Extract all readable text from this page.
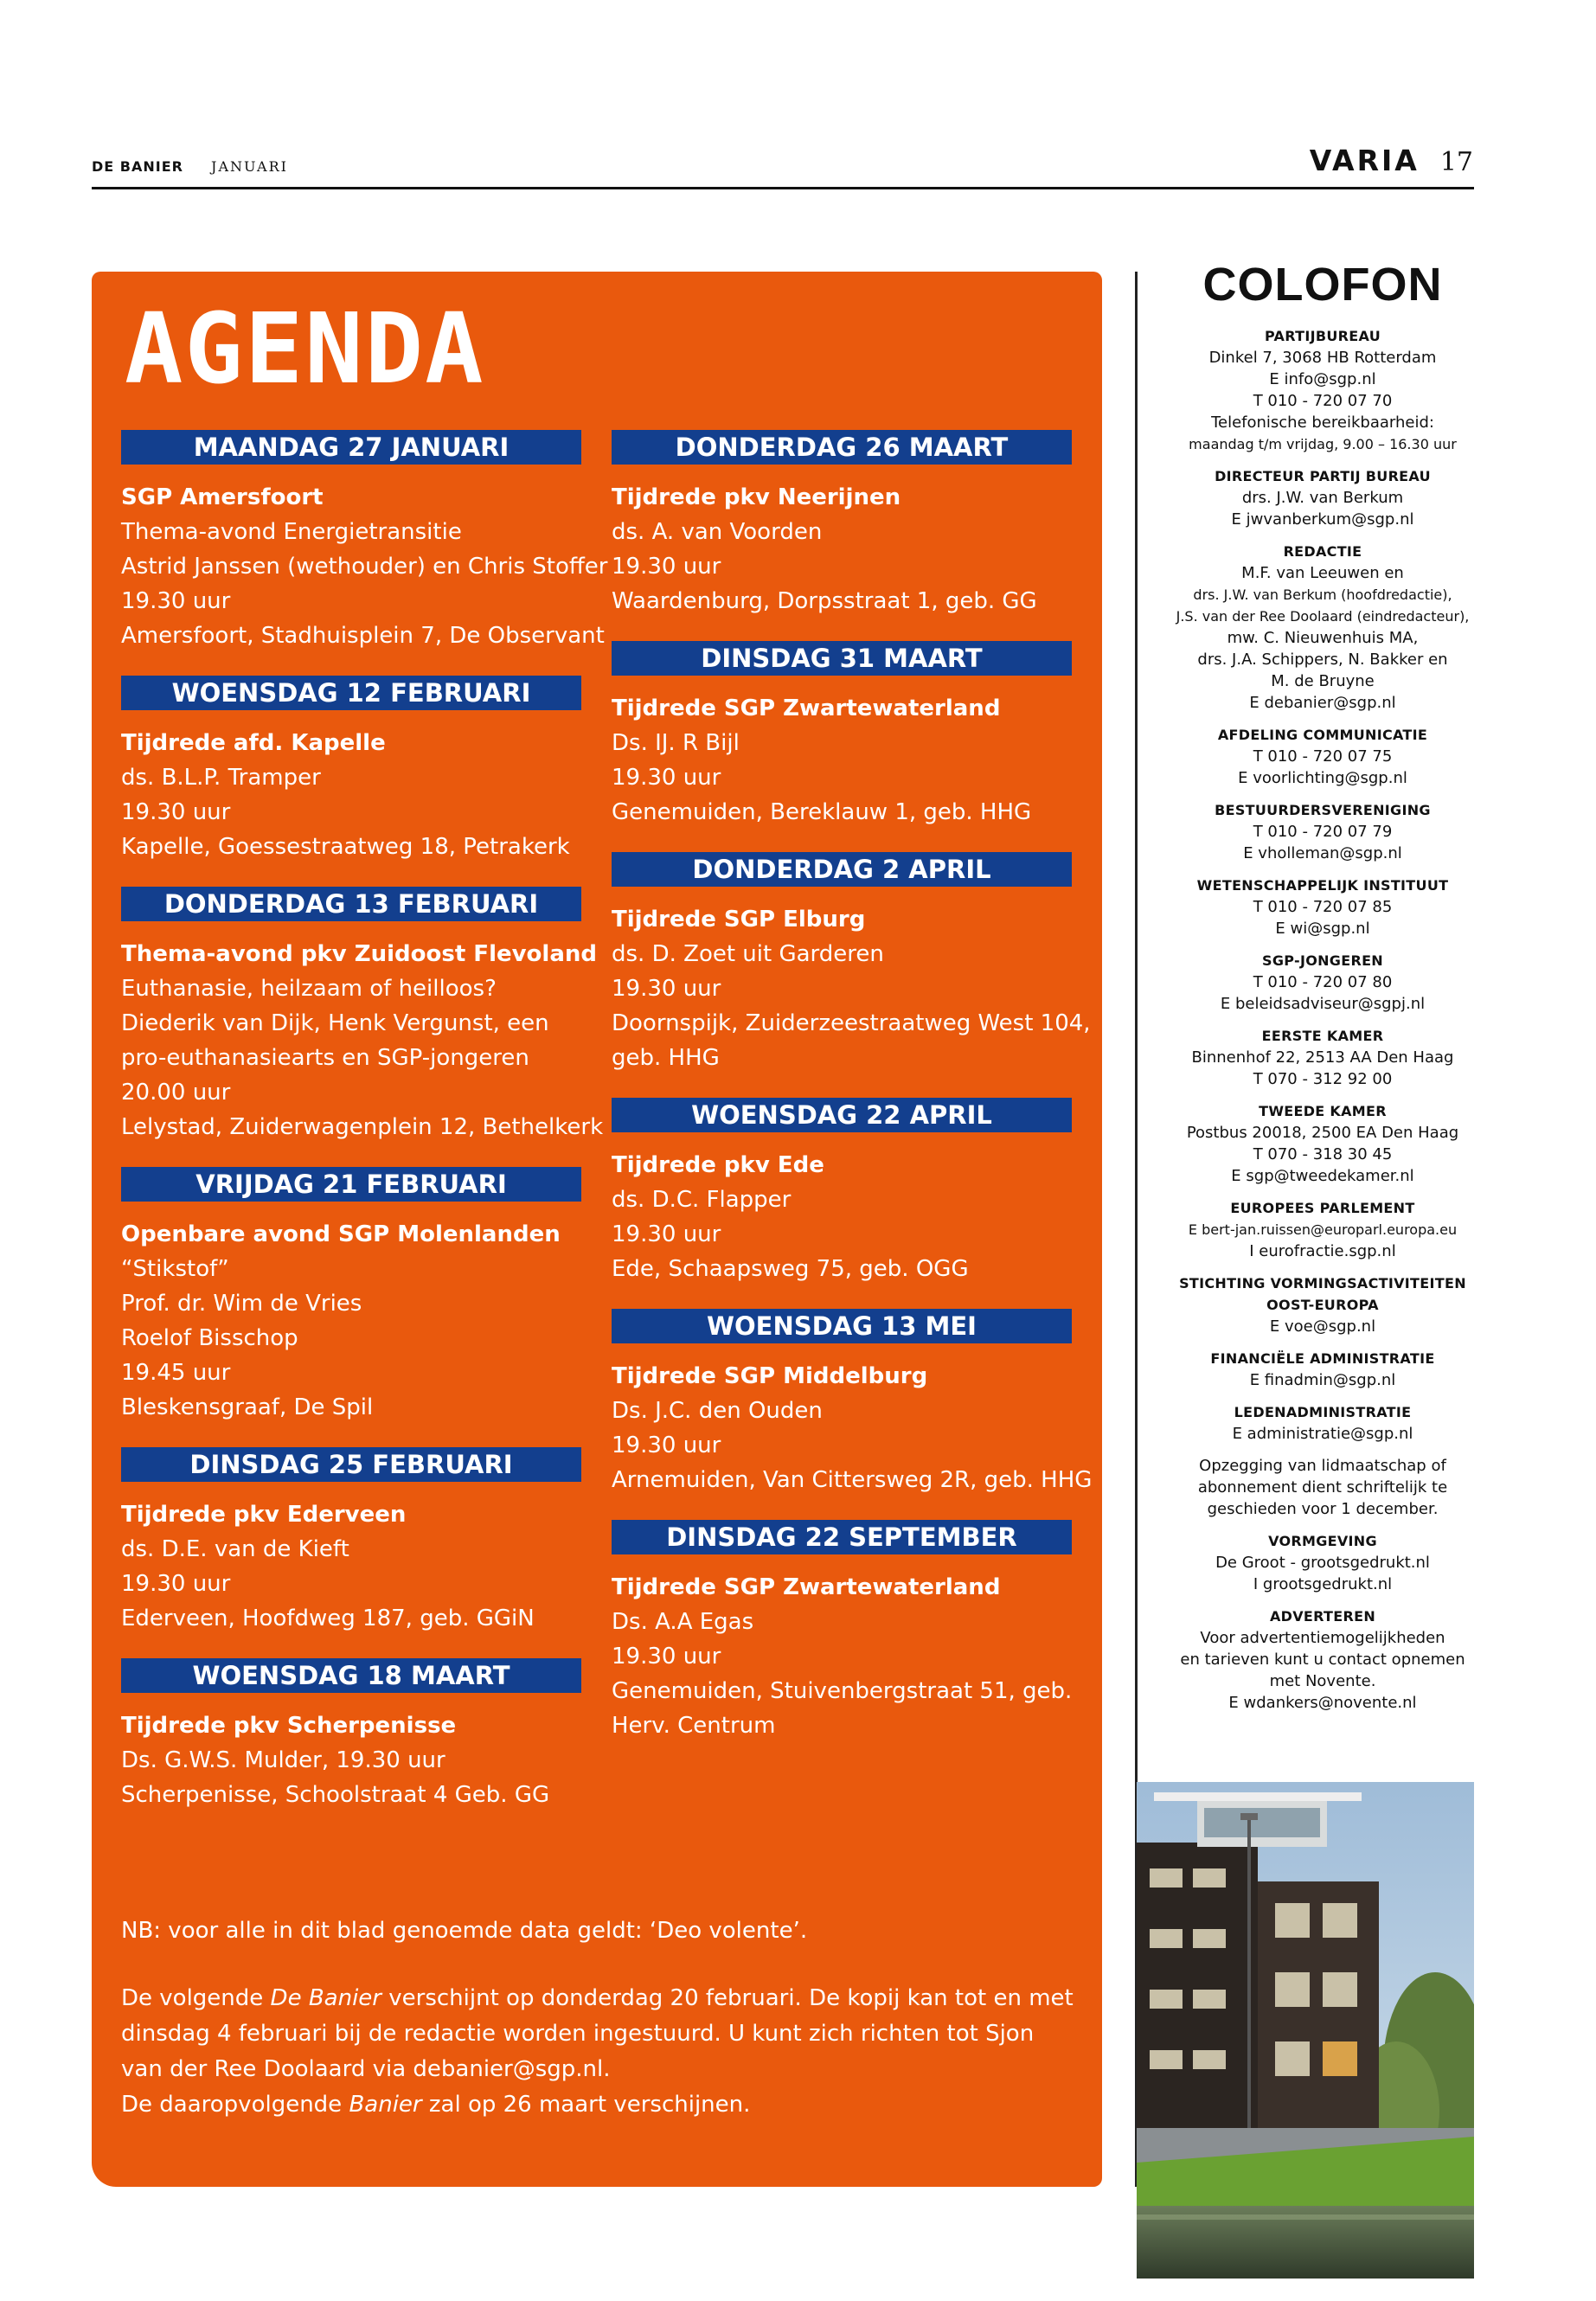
DE BANIER JANUARI	VARIA 17
AGENDA
MAANDAG 27 JANUARI
SGP Amersfoort
Thema-avond Energietransitie
Astrid Janssen (wethouder) en Chris Stoffer
19.30 uur
Amersfoort, Stadhuisplein 7, De Observant
WOENSDAG 12 FEBRUARI
Tijdrede afd. Kapelle
ds. B.L.P. Tramper
19.30 uur
Kapelle, Goessestraatweg 18, Petrakerk
DONDERDAG 13 FEBRUARI
Thema-avond pkv Zuidoost Flevoland
Euthanasie, heilzaam of heilloos?
Diederik van Dijk, Henk Vergunst, een
pro-euthanasiearts en SGP-jongeren
20.00 uur
Lelystad, Zuiderwagenplein 12, Bethelkerk
VRIJDAG 21 FEBRUARI
Openbare avond SGP Molenlanden
“Stikstof”
Prof. dr. Wim de Vries
Roelof Bisschop
19.45 uur
Bleskensgraaf, De Spil
DINSDAG 25 FEBRUARI
Tijdrede pkv Ederveen
ds. D.E. van de Kieft
19.30 uur
Ederveen, Hoofdweg 187, geb. GGiN
WOENSDAG 18 MAART
Tijdrede pkv Scherpenisse
Ds. G.W.S. Mulder, 19.30 uur
Scherpenisse, Schoolstraat 4 Geb. GG
DONDERDAG 26 MAART
Tijdrede pkv Neerijnen
ds. A. van Voorden
19.30 uur
Waardenburg, Dorpsstraat 1, geb. GG
DINSDAG 31 MAART
Tijdrede SGP Zwartewaterland
Ds. IJ. R Bijl
19.30 uur
Genemuiden, Bereklauw 1, geb. HHG
DONDERDAG 2 APRIL
Tijdrede SGP Elburg
ds. D. Zoet uit Garderen
19.30 uur
Doornspijk, Zuiderzeestraatweg West 104,
geb. HHG
WOENSDAG 22 APRIL
Tijdrede pkv Ede
ds. D.C. Flapper
19.30 uur
Ede, Schaapsweg 75, geb. OGG
WOENSDAG 13 MEI
Tijdrede SGP Middelburg
Ds. J.C. den Ouden
19.30 uur
Arnemuiden, Van Cittersweg 2R, geb. HHG
DINSDAG 22 SEPTEMBER
Tijdrede SGP Zwartewaterland
Ds. A.A Egas
19.30 uur
Genemuiden, Stuivenbergstraat 51, geb.
Herv. Centrum
NB: voor alle in dit blad genoemde data geldt: ‘Deo volente’.

De volgende De Banier verschijnt op donderdag 20 februari. De kopij kan tot en met dinsdag 4 februari bij de redactie worden ingestuurd. U kunt zich richten tot Sjon van der Ree Doolaard via debanier@sgp.nl.

De daaropvolgende Banier zal op 26 maart verschijnen.

COLOFON
PARTIJBUREAU
Dinkel 7, 3068 HB Rotterdam
E info@sgp.nl
T 010 - 720 07 70
Telefonische bereikbaarheid:
maandag t/m vrijdag, 9.00 – 16.30 uur
DIRECTEUR PARTIJ BUREAU
drs. J.W. van Berkum
E jwvanberkum@sgp.nl
REDACTIE
M.F. van Leeuwen en
drs. J.W. van Berkum (hoofdredactie),
J.S. van der Ree Doolaard (eindredacteur),
mw. C. Nieuwenhuis MA,
drs. J.A. Schippers, N. Bakker en
M. de Bruyne
E debanier@sgp.nl
AFDELING COMMUNICATIE
T 010 - 720 07 75
E voorlichting@sgp.nl
BESTUURDERSVERENIGING
T 010 - 720 07 79
E vholleman@sgp.nl
WETENSCHAPPELIJK INSTITUUT
T 010 - 720 07 85
E wi@sgp.nl
SGP-JONGEREN
T 010 - 720 07 80
E beleidsadviseur@sgpj.nl
EERSTE KAMER
Binnenhof 22, 2513 AA Den Haag
T 070 - 312 92 00
TWEEDE KAMER
Postbus 20018, 2500 EA Den Haag
T 070 - 318 30 45
E sgp@tweedekamer.nl
EUROPEES PARLEMENT
E bert-jan.ruissen@europarl.europa.eu
I eurofractie.sgp.nl
STICHTING VORMINGSACTIVITEITEN
OOST-EUROPA
E voe@sgp.nl
FINANCIËLE ADMINISTRATIE
E finadmin@sgp.nl
LEDENADMINISTRATIE
E administratie@sgp.nl
Opzegging van lidmaatschap of
abonnement dient schriftelijk te
geschieden voor 1 december.
VORMGEVING
De Groot - grootsgedrukt.nl
I grootsgedrukt.nl
ADVERTEREN
Voor advertentiemogelijkheden
en tarieven kunt u contact opnemen
met Novente.
E wdankers@novente.nl
